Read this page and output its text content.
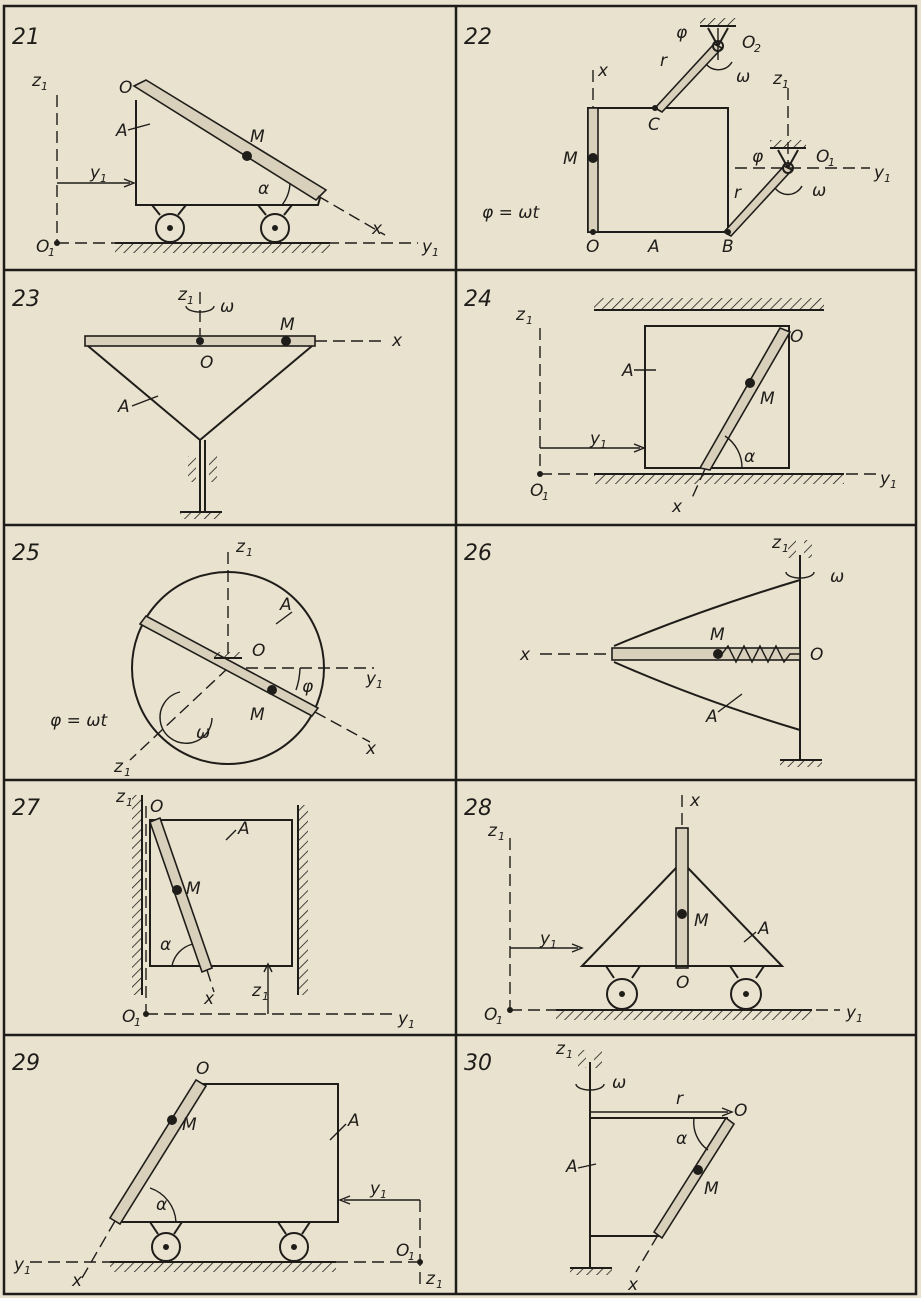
21
z 1	O
A	M
y 1
α
x
O
1	y 1
22	φ	O
2
r
ω
x	z 1
C
M	φ	O
1
y 1
r	ω
φ = ωt
O	A	B
23	z 1 ω
M
x
O
A
24
z 1
O
A
M
y 1
α
O
1
y 1
x
25	z 1
A
O
y 1
φ
φ = ωt	M
ω
x
z 1
26	z 1
ω
M
x	O
A
27	z 1 O
A
M
α
x z 1
O
1	y 1
28	x
z 1
M	A
y 1
O
O
1	y 1
29	O
M	A
y 1
α
y 1
O
1
z 1
x
30
z 1
ω
r
O
α
A
M
x
